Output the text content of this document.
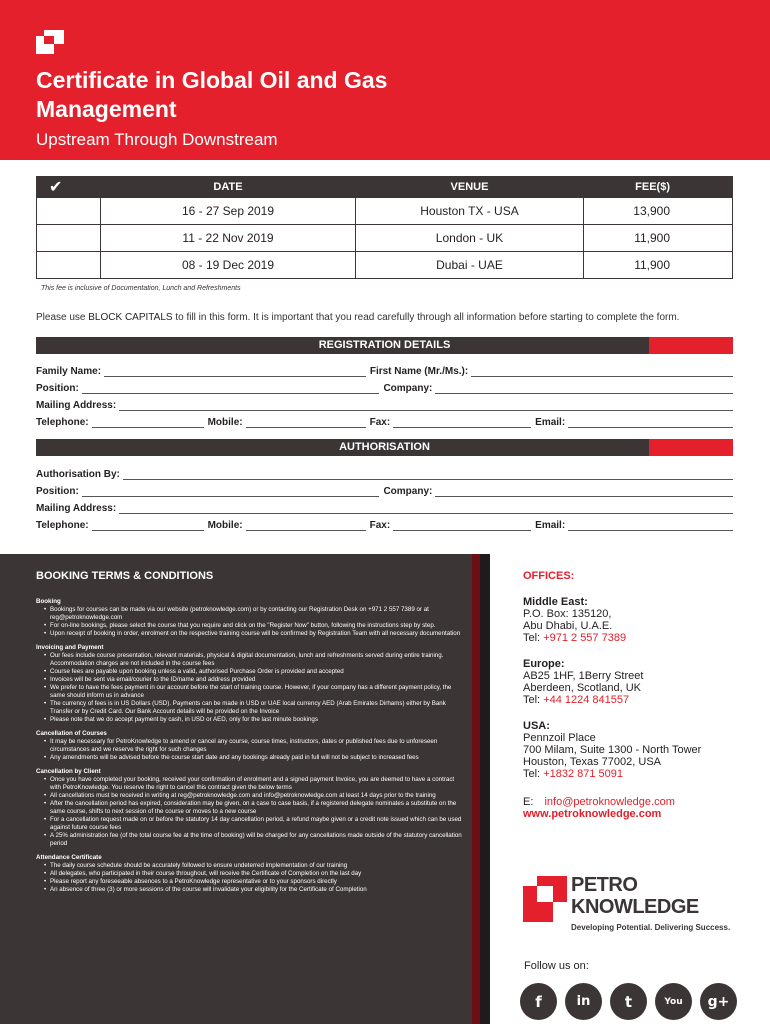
Certificate in Global Oil and Gas Management
Upstream Through Downstream
✔	DATE	VENUE	FEE($)
	16 - 27 Sep 2019	Houston TX - USA	13,900
	11 - 22 Nov 2019	London - UK	11,900
	08 - 19 Dec 2019	Dubai - UAE	11,900
This fee is inclusive of Documentation, Lunch and Refreshments
Please use BLOCK CAPITALS to fill in this form. It is important that you read carefully through all information before starting to complete the form.
REGISTRATION DETAILS
Family Name:	First Name (Mr./Ms.):
Position:	Company:
Mailing Address:
Telephone:	Mobile:	Fax:	Email:
AUTHORISATION
Authorisation By:
Position:	Company:
Mailing Address:
Telephone:	Mobile:	Fax:	Email:
BOOKING TERMS & CONDITIONS
Booking
• Bookings for courses can be made via our website (petroknowledge.com) or by contacting our Registration Desk on +971 2 557 7389 or at reg@petroknowledge.com
• For on-line bookings, please select the course that you require and click on the "Register Now" button, following the instructions step by step.
• Upon receipt of booking in order, enrolment on the respective training course will be confirmed by Registration Team with all necessary documentation
Invoicing and Payment
• Our fees include course presentation, relevant materials, physical & digital documentation, lunch and refreshments served during entire training. Accommodation charges are not included in the course fees
• Course fees are payable upon booking unless a valid, authorised Purchase Order is provided and accepted
• Invoices will be sent via email/courier to the ID/name and address provided
• We prefer to have the fees payment in our account before the start of training course. However, if your company has a different payment policy, the same should inform us in advance
• The currency of fees is in US Dollars (USD). Payments can be made in USD or UAE local currency AED (Arab Emirates Dirhams) either by Bank Transfer or by Credit Card. Our Bank Account details will be provided on the Invoice
• Please note that we do accept payment by cash, in USD or AED, only for the last minute bookings
Cancellation of Courses
• It may be necessary for PetroKnowledge to amend or cancel any course, course times, instructors, dates or published fees due to unforeseen circumstances and we reserve the right for such changes
• Any amendments will be advised before the course start date and any bookings already paid in full will not be subject to increased fees
Cancellation by Client
• Once you have completed your booking, received your confirmation of enrolment and a signed payment Invoice, you are deemed to have a contract with PetroKnowledge. You reserve the right to cancel this contract given the below terms
• All cancellations must be received in writing at reg@petroknowledge.com and info@petroknowledge.com at least 14 days prior to the training
• After the cancellation period has expired, consideration may be given, on a case to case basis, if a registered delegate nominates a substitute on the same course, shifts to next session of the course or moves to a new course
• For a cancellation request made on or before the statutory 14 day cancellation period, a refund maybe given or a credit note issued which can be used against future course fees
• A 25% administration fee (of the total course fee at the time of booking) will be charged for any cancellations made outside of the statutory cancellation period
Attendance Certificate
• The daily course schedule should be accurately followed to ensure undeterred implementation of our training
• All delegates, who participated in their course throughout, will receive the Certificate of Completion on the last day
• Please report any foreseeable absences to a PetroKnowledge representative or to your sponsors directly
• An absence of three (3) or more sessions of the course will invalidate your eligibility for the Certificate of Completion
OFFICES:
Middle East:
P.O. Box: 135120,
Abu Dhabi, U.A.E.
Tel: +971 2 557 7389
Europe:
AB25 1HF, 1Berry Street
Aberdeen, Scotland, UK
Tel: +44 1224 841557
USA:
Pennzoil Place
700 Milam, Suite 1300 - North Tower
Houston, Texas 77002, USA
Tel: +1832 871 5091
E: info@petroknowledge.com
www.petroknowledge.com
PETRO
KNOWLEDGE
Developing Potential. Delivering Success.
Follow us on:
f	in	t	You	g+
